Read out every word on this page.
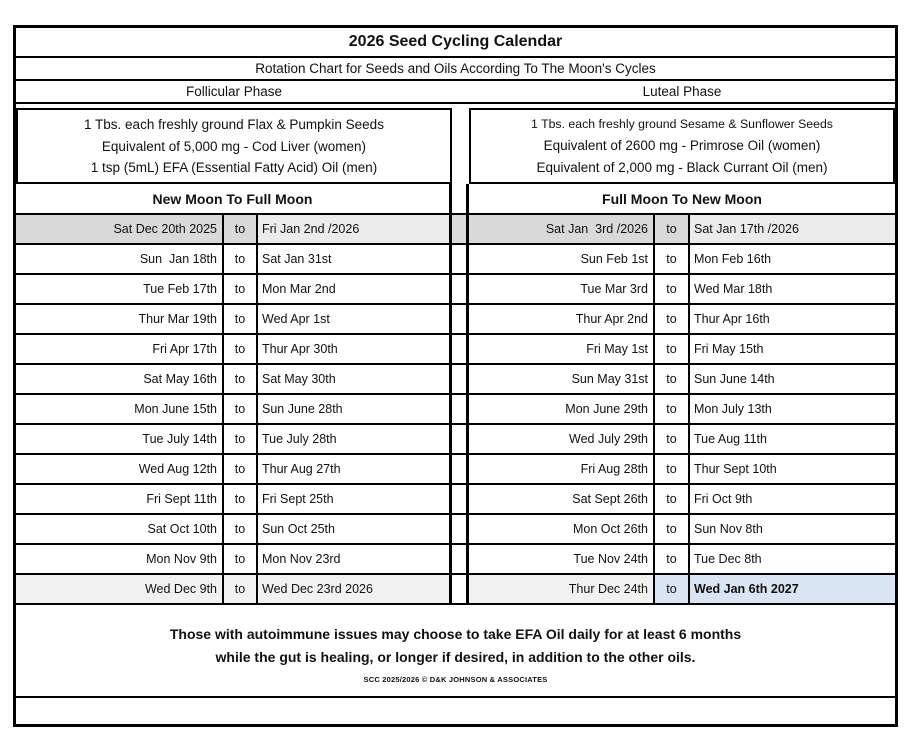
2026 Seed Cycling Calendar
Rotation Chart for Seeds and Oils According To The Moon's Cycles
Follicular Phase	Luteal Phase
1 Tbs. each freshly ground Flax & Pumpkin Seeds
Equivalent of 5,000 mg - Cod Liver (women)
1 tsp (5mL) EFA (Essential Fatty Acid) Oil (men)
1 Tbs. each freshly ground Sesame & Sunflower Seeds
Equivalent of 2600 mg - Primrose Oil (women)
Equivalent of 2,000 mg - Black Currant Oil (men)
New Moon To Full Moon	Full Moon To New Moon
Sat Dec 20th 2025	to	Fri Jan 2nd /2026	Sat Jan  3rd /2026	to	Sat Jan 17th /2026
Sun  Jan 18th	to	Sat Jan 31st	Sun Feb 1st	to	Mon Feb 16th
Tue Feb 17th	to	Mon Mar 2nd	Tue Mar 3rd	to	Wed Mar 18th
Thur Mar 19th	to	Wed Apr 1st	Thur Apr 2nd	to	Thur Apr 16th
Fri Apr 17th	to	Thur Apr 30th	Fri May 1st	to	Fri May 15th
Sat May 16th	to	Sat May 30th	Sun May 31st	to	Sun June 14th
Mon June 15th	to	Sun June 28th	Mon June 29th	to	Mon July 13th
Tue July 14th	to	Tue July 28th	Wed July 29th	to	Tue Aug 11th
Wed Aug 12th	to	Thur Aug 27th	Fri Aug 28th	to	Thur Sept 10th
Fri Sept 11th	to	Fri Sept 25th	Sat Sept 26th	to	Fri Oct 9th
Sat Oct 10th	to	Sun Oct 25th	Mon Oct 26th	to	Sun Nov 8th
Mon Nov 9th	to	Mon Nov 23rd	Tue Nov 24th	to	Tue Dec 8th
Wed Dec 9th	to	Wed Dec 23rd 2026	Thur Dec 24th	to	Wed Jan 6th 2027
Those with autoimmune issues may choose to take EFA Oil daily for at least 6 months
while the gut is healing, or longer if desired, in addition to the other oils.
SCC 2025/2026 © D&K JOHNSON & ASSOCIATES
